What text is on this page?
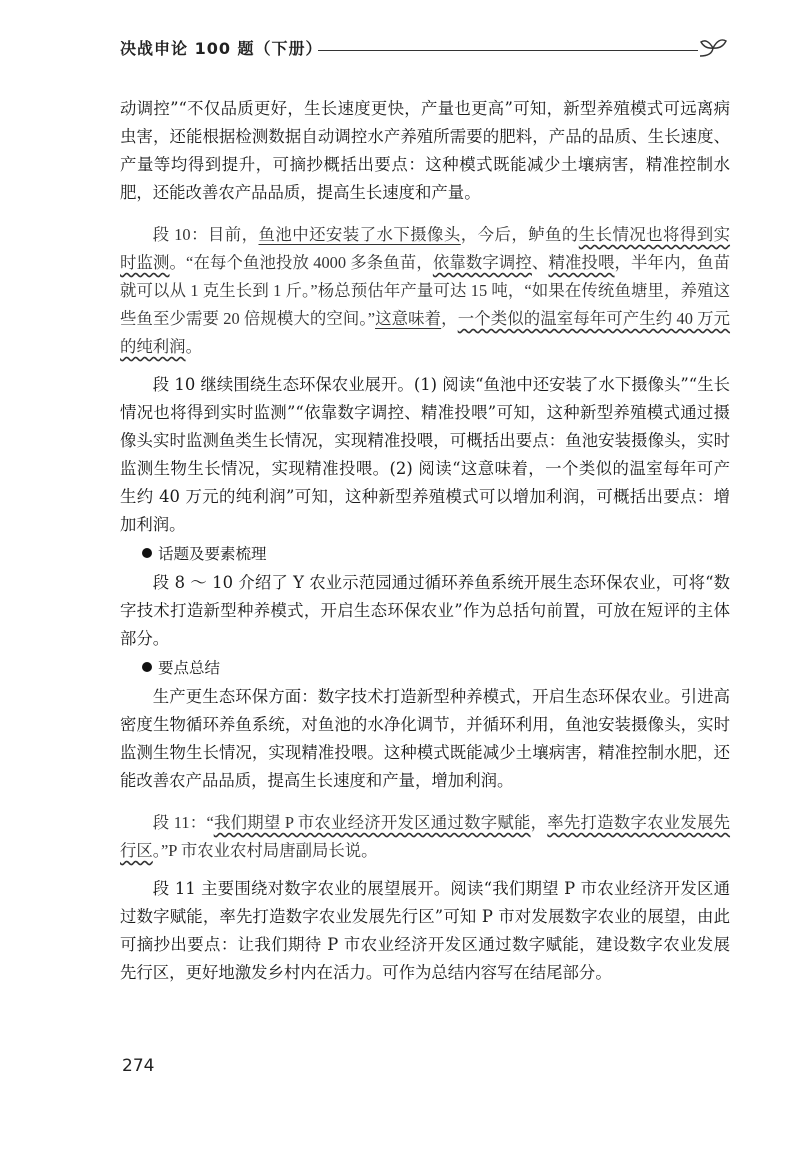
决战申论 100 题（下册）

动调控”“不仅品质更好，生长速度更快，产量也更高”可知，新型养殖模式可远离病虫害，还能根据检测数据自动调控水产养殖所需要的肥料，产品的品质、生长速度、产量等均得到提升，可摘抄概括出要点：这种模式既能减少土壤病害，精准控制水肥，还能改善农产品品质，提高生长速度和产量。

段 10：目前，鱼池中还安装了水下摄像头，今后，鲈鱼的生长情况也将得到实时监测。“在每个鱼池投放 4000 多条鱼苗，依靠数字调控、精准投喂，半年内，鱼苗就可以从 1 克生长到 1 斤。”杨总预估年产量可达 15 吨，“如果在传统鱼塘里，养殖这些鱼至少需要 20 倍规模大的空间。”这意味着，一个类似的温室每年可产生约 40 万元的纯利润。

段 10 继续围绕生态环保农业展开。(1) 阅读“鱼池中还安装了水下摄像头”“生长情况也将得到实时监测”“依靠数字调控、精准投喂”可知，这种新型养殖模式通过摄像头实时监测鱼类生长情况，实现精准投喂，可概括出要点：鱼池安装摄像头，实时监测生物生长情况，实现精准投喂。(2) 阅读“这意味着，一个类似的温室每年可产生约 40 万元的纯利润”可知，这种新型养殖模式可以增加利润，可概括出要点：增加利润。

话题及要素梳理

段 8 ～ 10 介绍了 Y 农业示范园通过循环养鱼系统开展生态环保农业，可将“数字技术打造新型种养模式，开启生态环保农业”作为总括句前置，可放在短评的主体部分。

要点总结

生产更生态环保方面：数字技术打造新型种养模式，开启生态环保农业。引进高密度生物循环养鱼系统，对鱼池的水净化调节，并循环利用，鱼池安装摄像头，实时监测生物生长情况，实现精准投喂。这种模式既能减少土壤病害，精准控制水肥，还能改善农产品品质，提高生长速度和产量，增加利润。

段 11：“我们期望 P 市农业经济开发区通过数字赋能，率先打造数字农业发展先行区。”P 市农业农村局唐副局长说。

段 11 主要围绕对数字农业的展望展开。阅读“我们期望 P 市农业经济开发区通过数字赋能，率先打造数字农业发展先行区”可知 P 市对发展数字农业的展望，由此可摘抄出要点：让我们期待 P 市农业经济开发区通过数字赋能，建设数字农业发展先行区，更好地激发乡村内在活力。可作为总结内容写在结尾部分。

274
